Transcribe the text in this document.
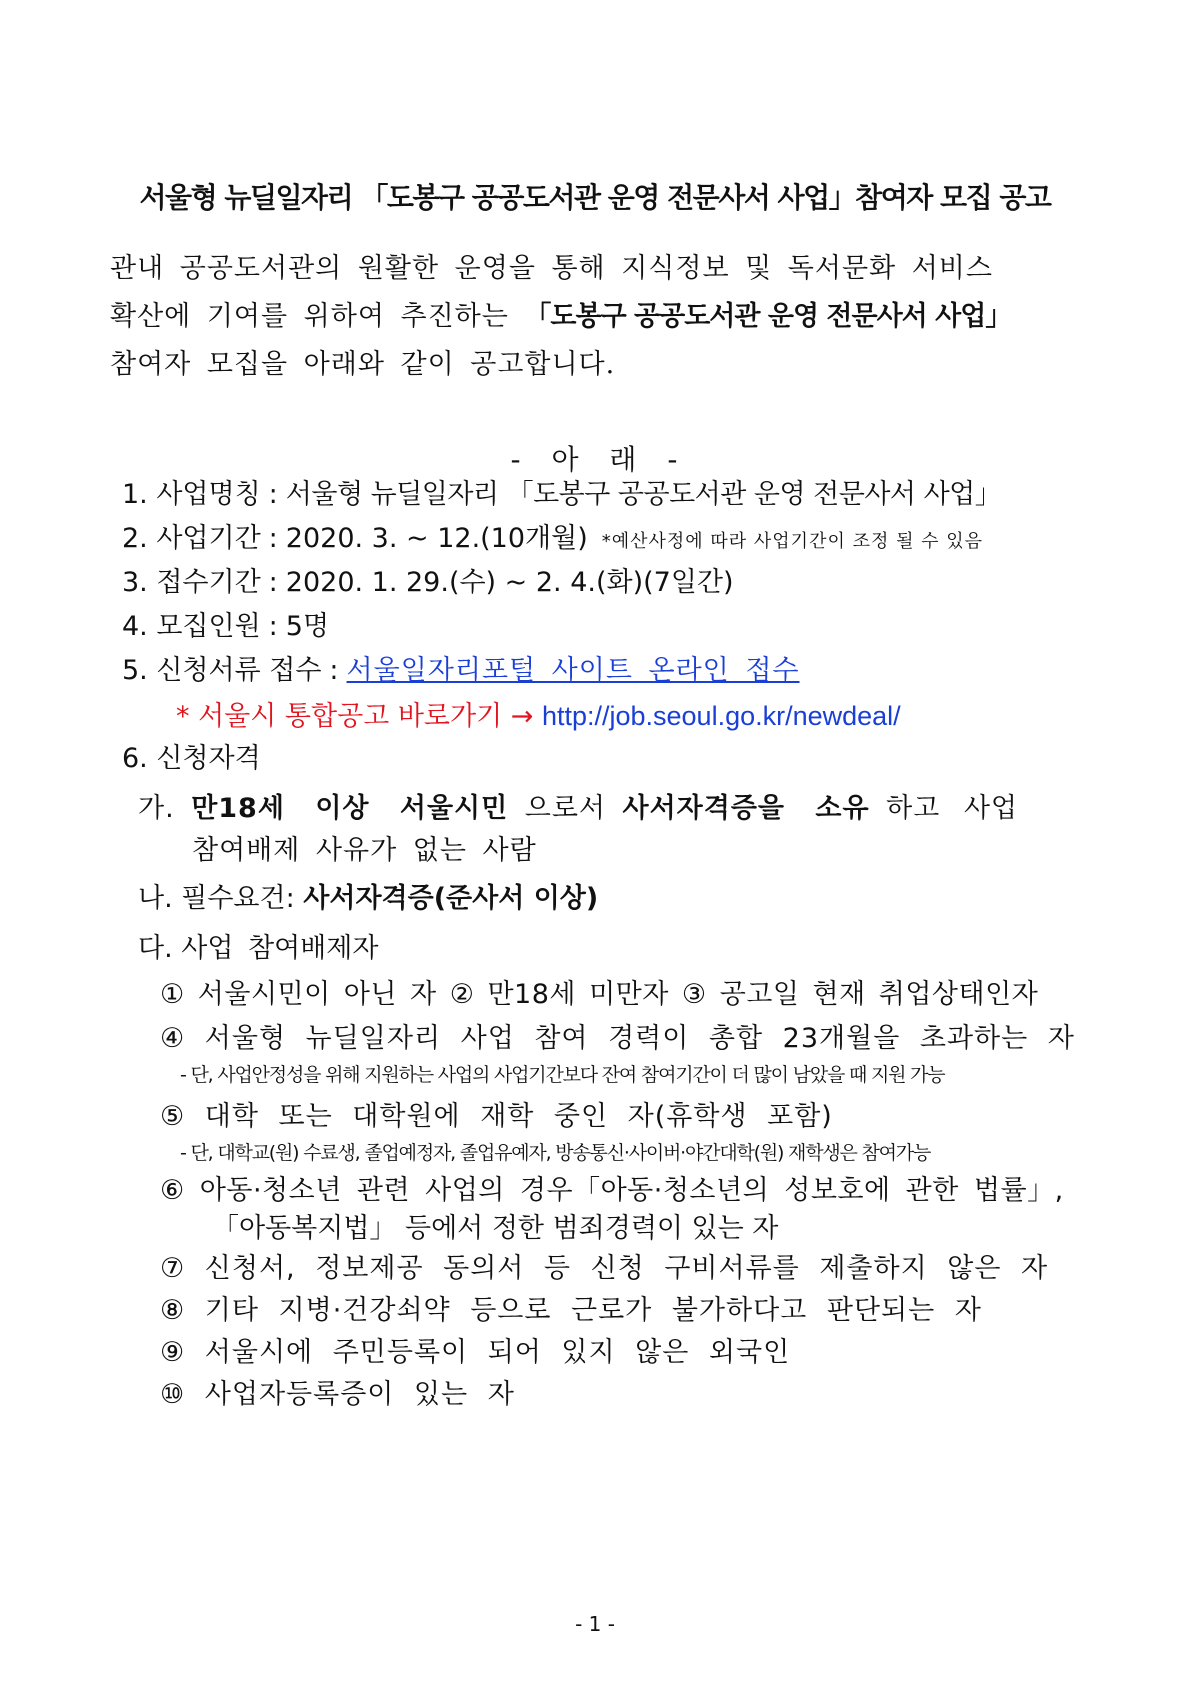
서울형 뉴딜일자리 「도봉구 공공도서관 운영 전문사서 사업」참여자 모집 공고
관내 공공도서관의 원활한 운영을 통해 지식정보 및 독서문화 서비스
확산에 기여를 위하여 추진하는 「도봉구 공공도서관 운영 전문사서 사업」
참여자 모집을 아래와 같이 공고합니다.
- 아 래 -
1. 사업명칭 : 서울형 뉴딜일자리 「도봉구 공공도서관 운영 전문사서 사업」
2. 사업기간 : 2020. 3. ~ 12.(10개월) *예산사정에 따라 사업기간이 조정 될 수 있음
3. 접수기간 : 2020. 1. 29.(수) ~ 2. 4.(화)(7일간)
4. 모집인원 : 5명
5. 신청서류 접수 : 서울일자리포털 사이트 온라인 접수
* 서울시 통합공고 바로가기 → http://job.seoul.go.kr/newdeal/
6. 신청자격
가. 만18세 이상 서울시민 으로서 사서자격증을 소유 하고 사업
참여배제 사유가 없는 사람
나. 필수요건: 사서자격증(준사서 이상)
다. 사업 참여배제자
① 서울시민이 아닌 자 ② 만18세 미만자 ③ 공고일 현재 취업상태인자
④ 서울형 뉴딜일자리 사업 참여 경력이 총합 23개월을 초과하는 자
- 단, 사업안정성을 위해 지원하는 사업의 사업기간보다 잔여 참여기간이 더 많이 남았을 때 지원 가능
⑤ 대학 또는 대학원에 재학 중인 자(휴학생 포함)
- 단, 대학교(원) 수료생, 졸업예정자, 졸업유예자, 방송통신·사이버·야간대학(원) 재학생은 참여가능
⑥ 아동·청소년 관련 사업의 경우「아동·청소년의 성보호에 관한 법률」,
「아동복지법」 등에서 정한 범죄경력이 있는 자
⑦ 신청서, 정보제공 동의서 등 신청 구비서류를 제출하지 않은 자
⑧ 기타 지병·건강쇠약 등으로 근로가 불가하다고 판단되는 자
⑨ 서울시에 주민등록이 되어 있지 않은 외국인
⑩ 사업자등록증이 있는 자
- 1 -
